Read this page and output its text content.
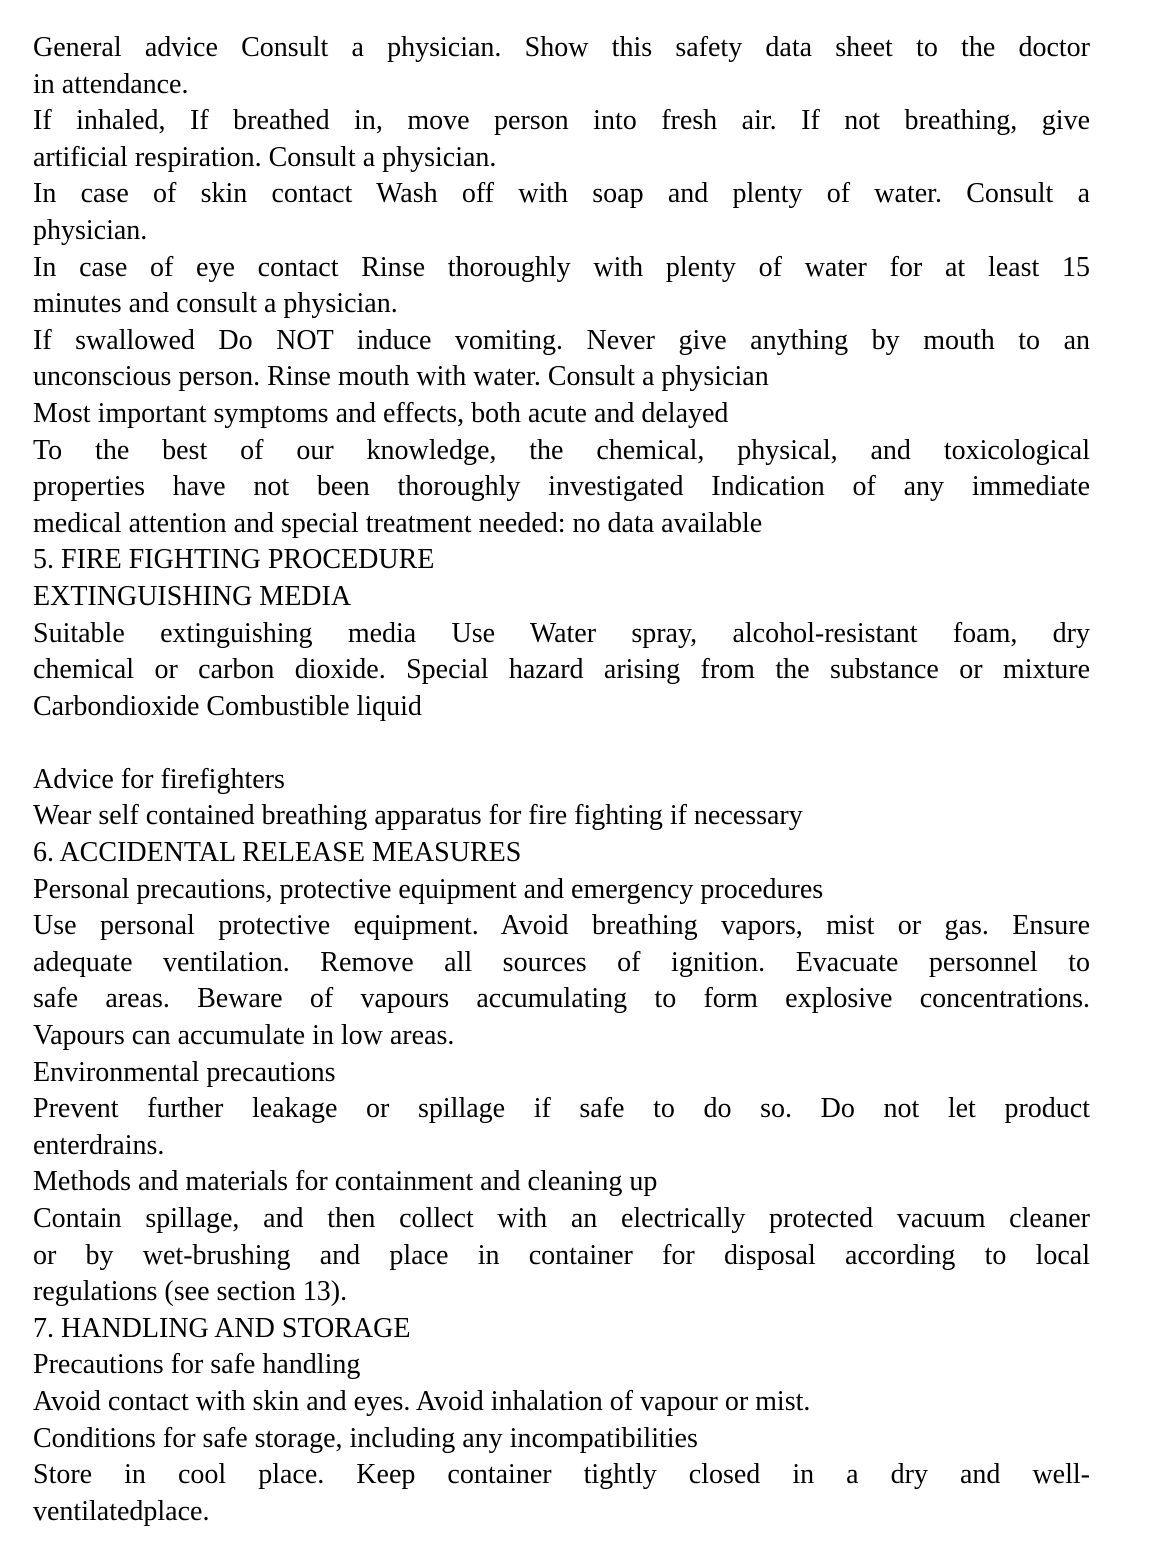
General advice Consult a physician. Show this safety data sheet to the doctor
in attendance.
If inhaled, If breathed in, move person into fresh air. If not breathing, give
artificial respiration. Consult a physician.
In case of skin contact Wash off with soap and plenty of water. Consult a
physician.
In case of eye contact Rinse thoroughly with plenty of water for at least 15
minutes and consult a physician.
If swallowed Do NOT induce vomiting. Never give anything by mouth to an
unconscious person. Rinse mouth with water. Consult a physician
Most important symptoms and effects, both acute and delayed
To the best of our knowledge, the chemical, physical, and toxicological
properties have not been thoroughly investigated Indication of any immediate
medical attention and special treatment needed: no data available
5. FIRE FIGHTING PROCEDURE
EXTINGUISHING MEDIA
Suitable extinguishing media Use Water spray, alcohol-resistant foam, dry
chemical or carbon dioxide. Special hazard arising from the substance or mixture
Carbondioxide Combustible liquid
Advice for firefighters
Wear self contained breathing apparatus for fire fighting if necessary
6. ACCIDENTAL RELEASE MEASURES
Personal precautions, protective equipment and emergency procedures
Use personal protective equipment. Avoid breathing vapors, mist or gas. Ensure
adequate ventilation. Remove all sources of ignition. Evacuate personnel to
safe areas. Beware of vapours accumulating to form explosive concentrations.
Vapours can accumulate in low areas.
Environmental precautions
Prevent further leakage or spillage if safe to do so. Do not let product
enterdrains.
Methods and materials for containment and cleaning up
Contain spillage, and then collect with an electrically protected vacuum cleaner
or by wet-brushing and place in container for disposal according to local
regulations (see section 13).
7. HANDLING AND STORAGE
Precautions for safe handling
Avoid contact with skin and eyes. Avoid inhalation of vapour or mist.
Conditions for safe storage, including any incompatibilities
Store in cool place. Keep container tightly closed in a dry and well-
ventilatedplace.
